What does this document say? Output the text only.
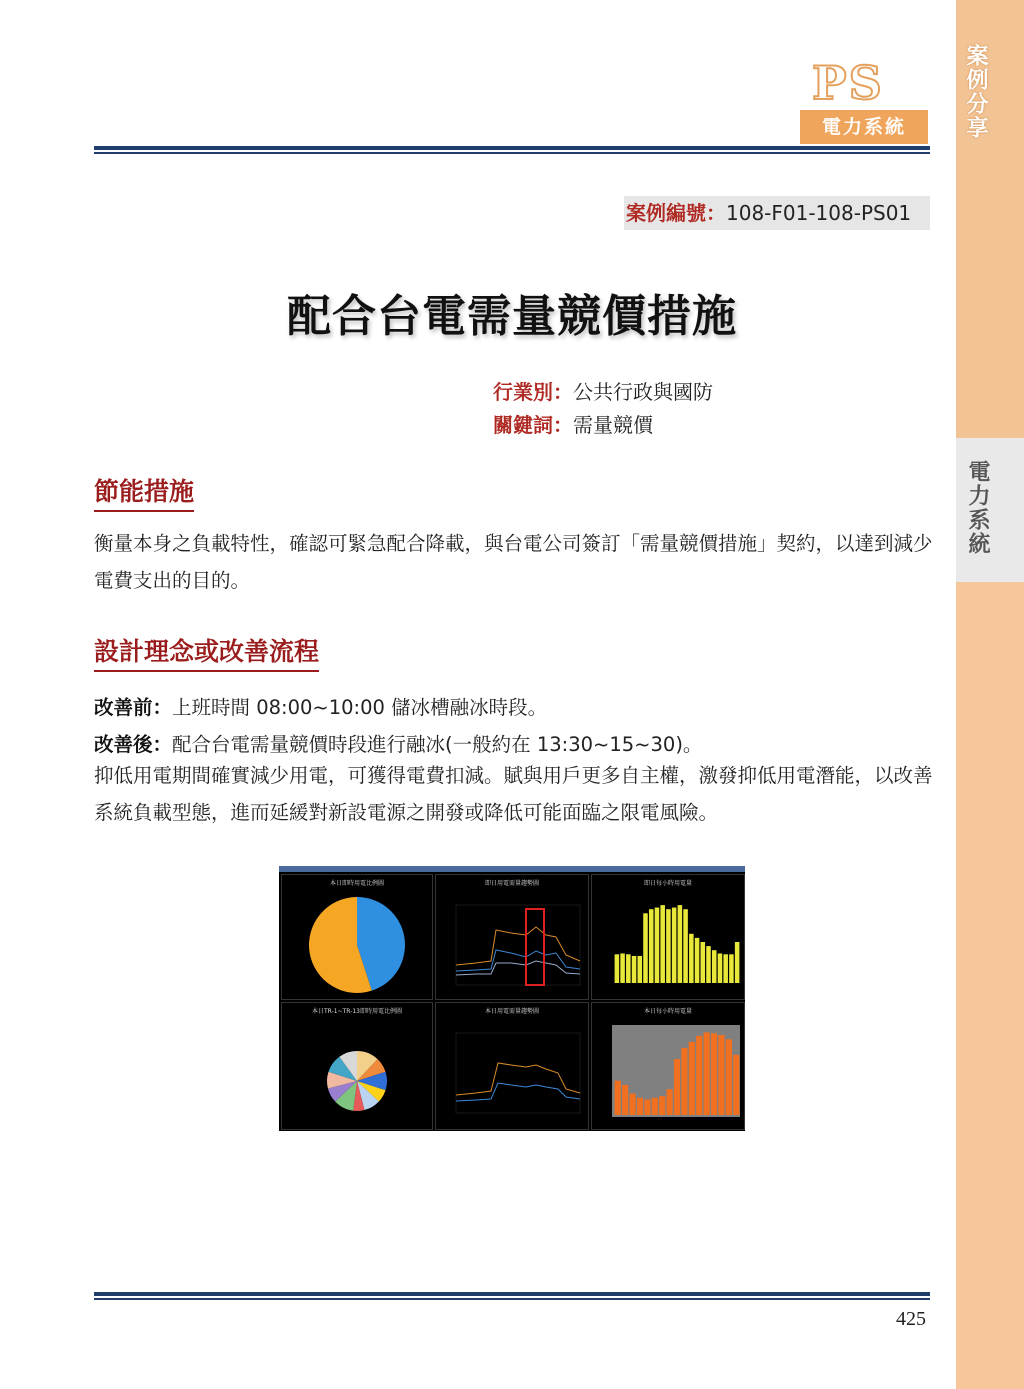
案例分享
電力系統
PS
電力系統
案例編號：108-F01-108-PS01
配合台電需量競價措施
行業別：公共行政與國防
關鍵詞：需量競價
節能措施
衡量本身之負載特性，確認可緊急配合降載，與台電公司簽訂「需量競價措施」契約，以達到減少電費支出的目的。
設計理念或改善流程
改善前：上班時間 08:00~10:00 儲冰槽融冰時段。
改善後：配合台電需量競價時段進行融冰(一般約在 13:30~15~30)。
抑低用電期間確實減少用電，可獲得電費扣減。賦與用戶更多自主權，激發抑低用電潛能，以改善系統負載型態，進而延緩對新設電源之開發或降低可能面臨之限電風險。
本日即時用電比例圖	即日用電需量趨勢圖	即日每小時用電量
本日TR-1~TR-13即時用電比例圖	本日用電需量趨勢圖	本日每小時用電量
425
